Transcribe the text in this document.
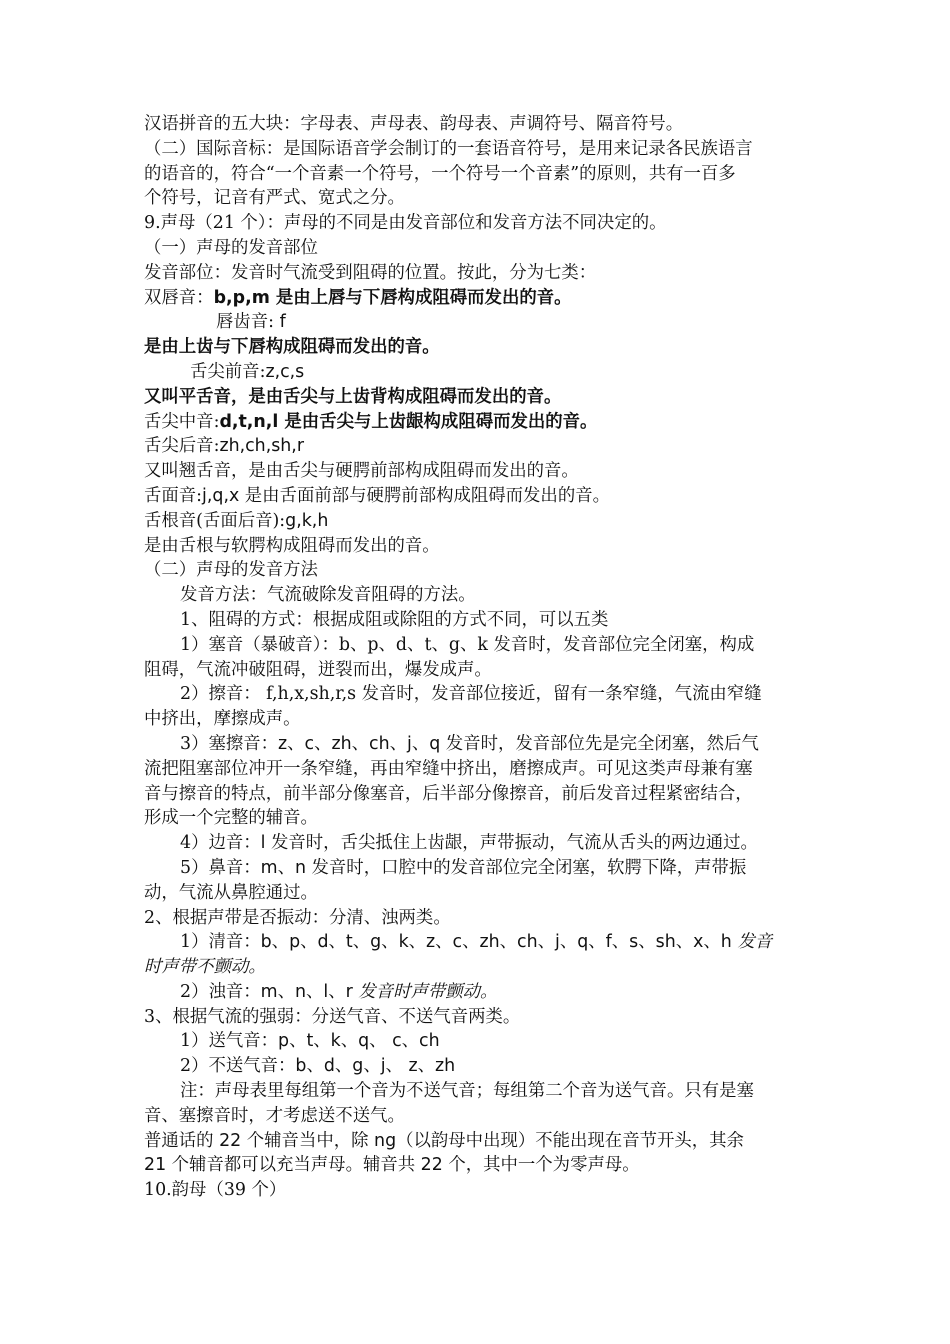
汉语拼音的五大块：字母表、声母表、韵母表、声调符号、隔音符号。
（二）国际音标：是国际语音学会制订的一套语音符号，是用来记录各民族语言
的语音的，符合“一个音素一个符号，一个符号一个音素”的原则，共有一百多
个符号，记音有严式、宽式之分。
9.声母（21 个）：声母的不同是由发音部位和发音方法不同决定的。
（一）声母的发音部位
发音部位：发音时气流受到阻碍的位置。按此，分为七类：
双唇音：b,p,m 是由上唇与下唇构成阻碍而发出的音。
唇齿音: f
是由上齿与下唇构成阻碍而发出的音。
舌尖前音:z,c,s
又叫平舌音，是由舌尖与上齿背构成阻碍而发出的音。
舌尖中音:d,t,n,l 是由舌尖与上齿龈构成阻碍而发出的音。
舌尖后音:zh,ch,sh,r
又叫翘舌音，是由舌尖与硬腭前部构成阻碍而发出的音。
舌面音:j,q,x 是由舌面前部与硬腭前部构成阻碍而发出的音。
舌根音(舌面后音):g,k,h
是由舌根与软腭构成阻碍而发出的音。
（二）声母的发音方法
发音方法：气流破除发音阻碍的方法。
1、阻碍的方式：根据成阻或除阻的方式不同，可以五类
1）塞音（暴破音）：b、p、d、t、g、k 发音时，发音部位完全闭塞，构成
阻碍，气流冲破阻碍，迸裂而出，爆发成声。
2）擦音： f,h,x,sh,r,s 发音时，发音部位接近，留有一条窄缝，气流由窄缝
中挤出，摩擦成声。
3）塞擦音：z、c、zh、ch、j、q 发音时，发音部位先是完全闭塞，然后气
流把阻塞部位冲开一条窄缝，再由窄缝中挤出，磨擦成声。可见这类声母兼有塞
音与擦音的特点，前半部分像塞音，后半部分像擦音，前后发音过程紧密结合，
形成一个完整的辅音。
4）边音：l 发音时，舌尖抵住上齿龈，声带振动，气流从舌头的两边通过。
5）鼻音：m、n 发音时，口腔中的发音部位完全闭塞，软腭下降，声带振
动，气流从鼻腔通过。
2、根据声带是否振动：分清、浊两类。
1）清音：b、p、d、t、g、k、z、c、zh、ch、j、q、f、s、sh、x、h 发音
时声带不颤动。
2）浊音：m、n、l、r 发音时声带颤动。
3、根据气流的强弱：分送气音、不送气音两类。
1）送气音：p、t、k、q、 c、ch
2）不送气音：b、d、g、j、 z、zh
注：声母表里每组第一个音为不送气音；每组第二个音为送气音。只有是塞
音、塞擦音时，才考虑送不送气。
普通话的 22 个辅音当中，除 ng（以韵母中出现）不能出现在音节开头，其余
21 个辅音都可以充当声母。辅音共 22 个，其中一个为零声母。
10.韵母（39 个）
